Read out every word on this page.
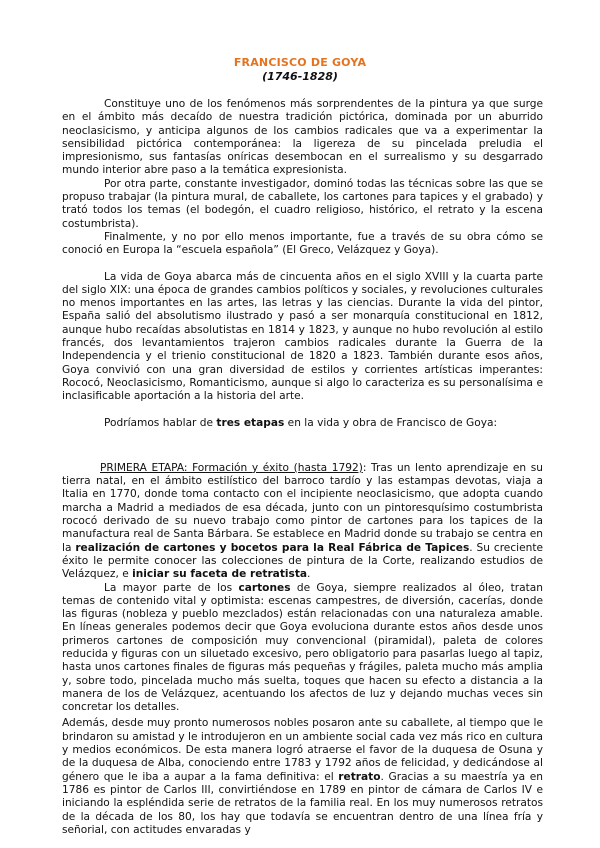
FRANCISCO DE GOYA
(1746-1828)

Constituye uno de los fenómenos más sorprendentes de la pintura ya que surge en el ámbito más decaído de nuestra tradición pictórica, dominada por un aburrido neoclasicismo, y anticipa algunos de los cambios radicales que va a experimentar la sensibilidad pictórica contemporánea: la ligereza de su pincelada preludia el impresionismo, sus fantasías oníricas desembocan en el surrealismo y su desgarrado mundo interior abre paso a la temática expresionista.

Por otra parte, constante investigador, dominó todas las técnicas sobre las que se propuso trabajar (la pintura mural, de caballete, los cartones para tapices y el grabado) y trató todos los temas (el bodegón, el cuadro religioso, histórico, el retrato y la escena costumbrista).

Finalmente, y no por ello menos importante, fue a través de su obra cómo se conoció en Europa la “escuela española” (El Greco, Velázquez y Goya).

La vida de Goya abarca más de cincuenta años en el siglo XVIII y la cuarta parte del siglo XIX: una época de grandes cambios políticos y sociales, y revoluciones culturales no menos importantes en las artes, las letras y las ciencias. Durante la vida del pintor, España salió del absolutismo ilustrado y pasó a ser monarquía constitucional en 1812, aunque hubo recaídas absolutistas en 1814 y 1823, y aunque no hubo revolución al estilo francés, dos levantamientos trajeron cambios radicales durante la Guerra de la Independencia y el trienio constitucional de 1820 a 1823. También durante esos años, Goya convivió con una gran diversidad de estilos y corrientes artísticas imperantes: Rococó, Neoclasicismo, Romanticismo, aunque si algo lo caracteriza es su personalísima e inclasificable aportación a la historia del arte.

Podríamos hablar de tres etapas en la vida y obra de Francisco de Goya:

PRIMERA ETAPA: Formación y éxito (hasta 1792): Tras un lento aprendizaje en su tierra natal, en el ámbito estilístico del barroco tardío y las estampas devotas, viaja a Italia en 1770, donde toma contacto con el incipiente neoclasicismo, que adopta cuando marcha a Madrid a mediados de esa década, junto con un pintoresquísimo costumbrista rococó derivado de su nuevo trabajo como pintor de cartones para los tapices de la manufactura real de Santa Bárbara. Se establece en Madrid donde su trabajo se centra en la realización de cartones y bocetos para la Real Fábrica de Tapices. Su creciente éxito le permite conocer las colecciones de pintura de la Corte, realizando estudios de Velázquez, e iniciar su faceta de retratista.

La mayor parte de los cartones de Goya, siempre realizados al óleo, tratan temas de contenido vital y optimista: escenas campestres, de diversión, cacerías, donde las figuras (nobleza y pueblo mezclados) están relacionadas con una naturaleza amable. En líneas generales podemos decir que Goya evoluciona durante estos años desde unos primeros cartones de composición muy convencional (piramidal), paleta de colores reducida y figuras con un siluetado excesivo, pero obligatorio para pasarlas luego al tapiz, hasta unos cartones finales de figuras más pequeñas y frágiles, paleta mucho más amplia y, sobre todo, pincelada mucho más suelta, toques que hacen su efecto a distancia a la manera de los de Velázquez, acentuando los afectos de luz y dejando muchas veces sin concretar los detalles.

Además, desde muy pronto numerosos nobles posaron ante su caballete, al tiempo que le brindaron su amistad y le introdujeron en un ambiente social cada vez más rico en cultura y medios económicos. De esta manera logró atraerse el favor de la duquesa de Osuna y de la duquesa de Alba, conociendo entre 1783 y 1792 años de felicidad, y dedicándose al género que le iba a aupar a la fama definitiva: el retrato. Gracias a su maestría ya en 1786 es pintor de Carlos III, convirtiéndose en 1789 en pintor de cámara de Carlos IV e iniciando la espléndida serie de retratos de la familia real. En los muy numerosos retratos de la década de los 80, los hay que todavía se encuentran dentro de una línea fría y señorial, con actitudes envaradas y
